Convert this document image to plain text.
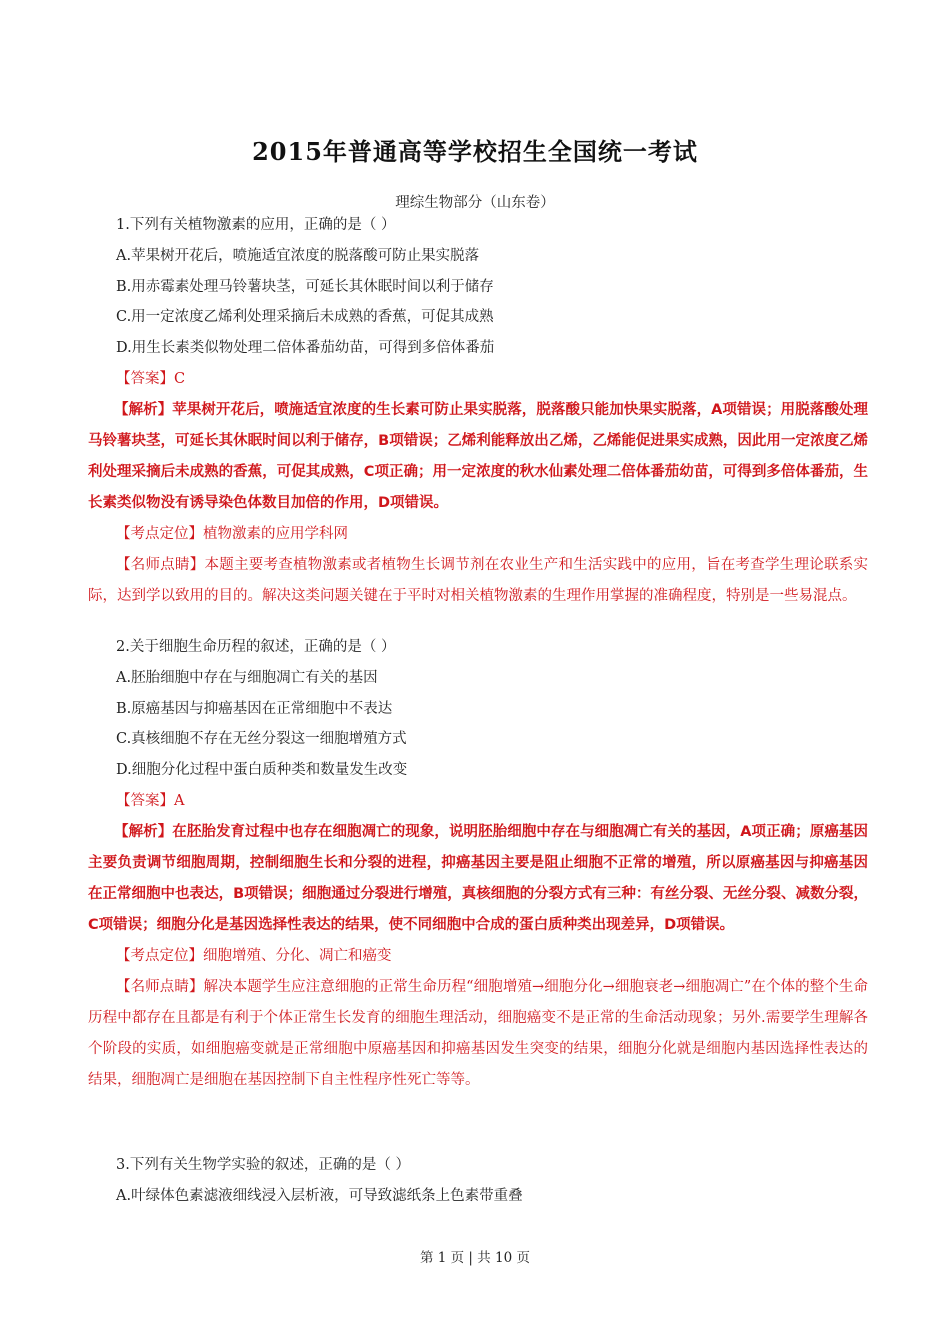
2015年普通高等学校招生全国统一考试
理综生物部分（山东卷）
1.下列有关植物激素的应用，正确的是（ ）
A.苹果树开花后，喷施适宜浓度的脱落酸可防止果实脱落
B.用赤霉素处理马铃薯块茎，可延长其休眠时间以利于储存
C.用一定浓度乙烯利处理采摘后未成熟的香蕉，可促其成熟
D.用生长素类似物处理二倍体番茄幼苗，可得到多倍体番茄
【答案】C
【解析】苹果树开花后，喷施适宜浓度的生长素可防止果实脱落，脱落酸只能加快果实脱落，A项错误；用脱落酸处理马铃薯块茎，可延长其休眠时间以利于储存，B项错误；乙烯利能释放出乙烯，乙烯能促进果实成熟，因此用一定浓度乙烯利处理采摘后未成熟的香蕉，可促其成熟，C项正确；用一定浓度的秋水仙素处理二倍体番茄幼苗，可得到多倍体番茄，生长素类似物没有诱导染色体数目加倍的作用，D项错误。
【考点定位】植物激素的应用学科网
【名师点睛】本题主要考查植物激素或者植物生长调节剂在农业生产和生活实践中的应用，旨在考查学生理论联系实际，达到学以致用的目的。解决这类问题关键在于平时对相关植物激素的生理作用掌握的准确程度，特别是一些易混点。
2.关于细胞生命历程的叙述，正确的是（ ）
A.胚胎细胞中存在与细胞凋亡有关的基因
B.原癌基因与抑癌基因在正常细胞中不表达
C.真核细胞不存在无丝分裂这一细胞增殖方式
D.细胞分化过程中蛋白质种类和数量发生改变
【答案】A
【解析】在胚胎发育过程中也存在细胞凋亡的现象，说明胚胎细胞中存在与细胞凋亡有关的基因，A项正确；原癌基因主要负责调节细胞周期，控制细胞生长和分裂的进程，抑癌基因主要是阻止细胞不正常的增殖，所以原癌基因与抑癌基因在正常细胞中也表达，B项错误；细胞通过分裂进行增殖，真核细胞的分裂方式有三种：有丝分裂、无丝分裂、减数分裂，C项错误；细胞分化是基因选择性表达的结果，使不同细胞中合成的蛋白质种类出现差异，D项错误。
【考点定位】细胞增殖、分化、凋亡和癌变
【名师点睛】解决本题学生应注意细胞的正常生命历程“细胞增殖→细胞分化→细胞衰老→细胞凋亡”在个体的整个生命历程中都存在且都是有利于个体正常生长发育的细胞生理活动，细胞癌变不是正常的生命活动现象；另外.需要学生理解各个阶段的实质，如细胞癌变就是正常细胞中原癌基因和抑癌基因发生突变的结果，细胞分化就是细胞内基因选择性表达的结果，细胞凋亡是细胞在基因控制下自主性程序性死亡等等。
3.下列有关生物学实验的叙述，正确的是（ ）
A.叶绿体色素滤液细线浸入层析液，可导致滤纸条上色素带重叠
第 1 页 | 共 10 页
